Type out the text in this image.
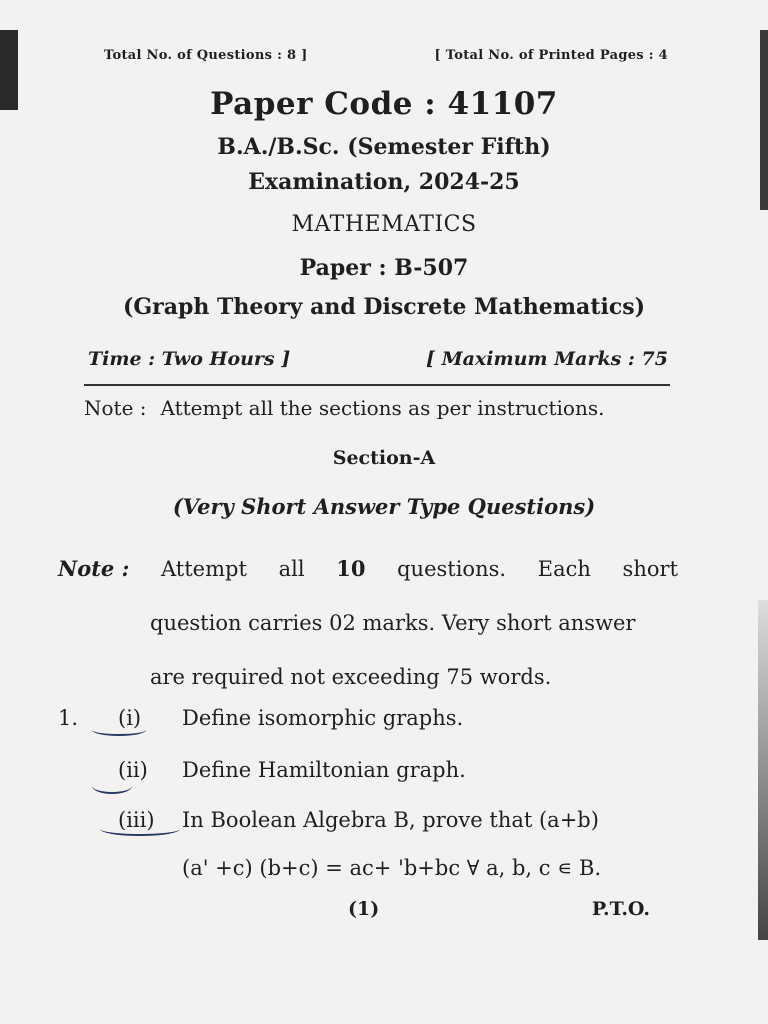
Total No. of Questions : 8 ]	[ Total No. of Printed Pages : 4
Paper Code : 41107
B.A./B.Sc. (Semester Fifth)
Examination, 2024-25
MATHEMATICS
Paper : B-507
(Graph Theory and Discrete Mathematics)
Time : Two Hours ]	[ Maximum Marks : 75
Note : Attempt all the sections as per instructions.
Section-A
(Very Short Answer Type Questions)
Note : Attempt all 10 questions. Each short
question carries 02 marks. Very short answer
are required not exceeding 75 words.
1. (i) Define isomorphic graphs.
(ii) Define Hamiltonian graph.
(iii) In Boolean Algebra B, prove that (a+b)
(a' +c) (b+c) = ac+ 'b+bc ∀ a, b, c ∊ B.
(1)	P.T.O.
